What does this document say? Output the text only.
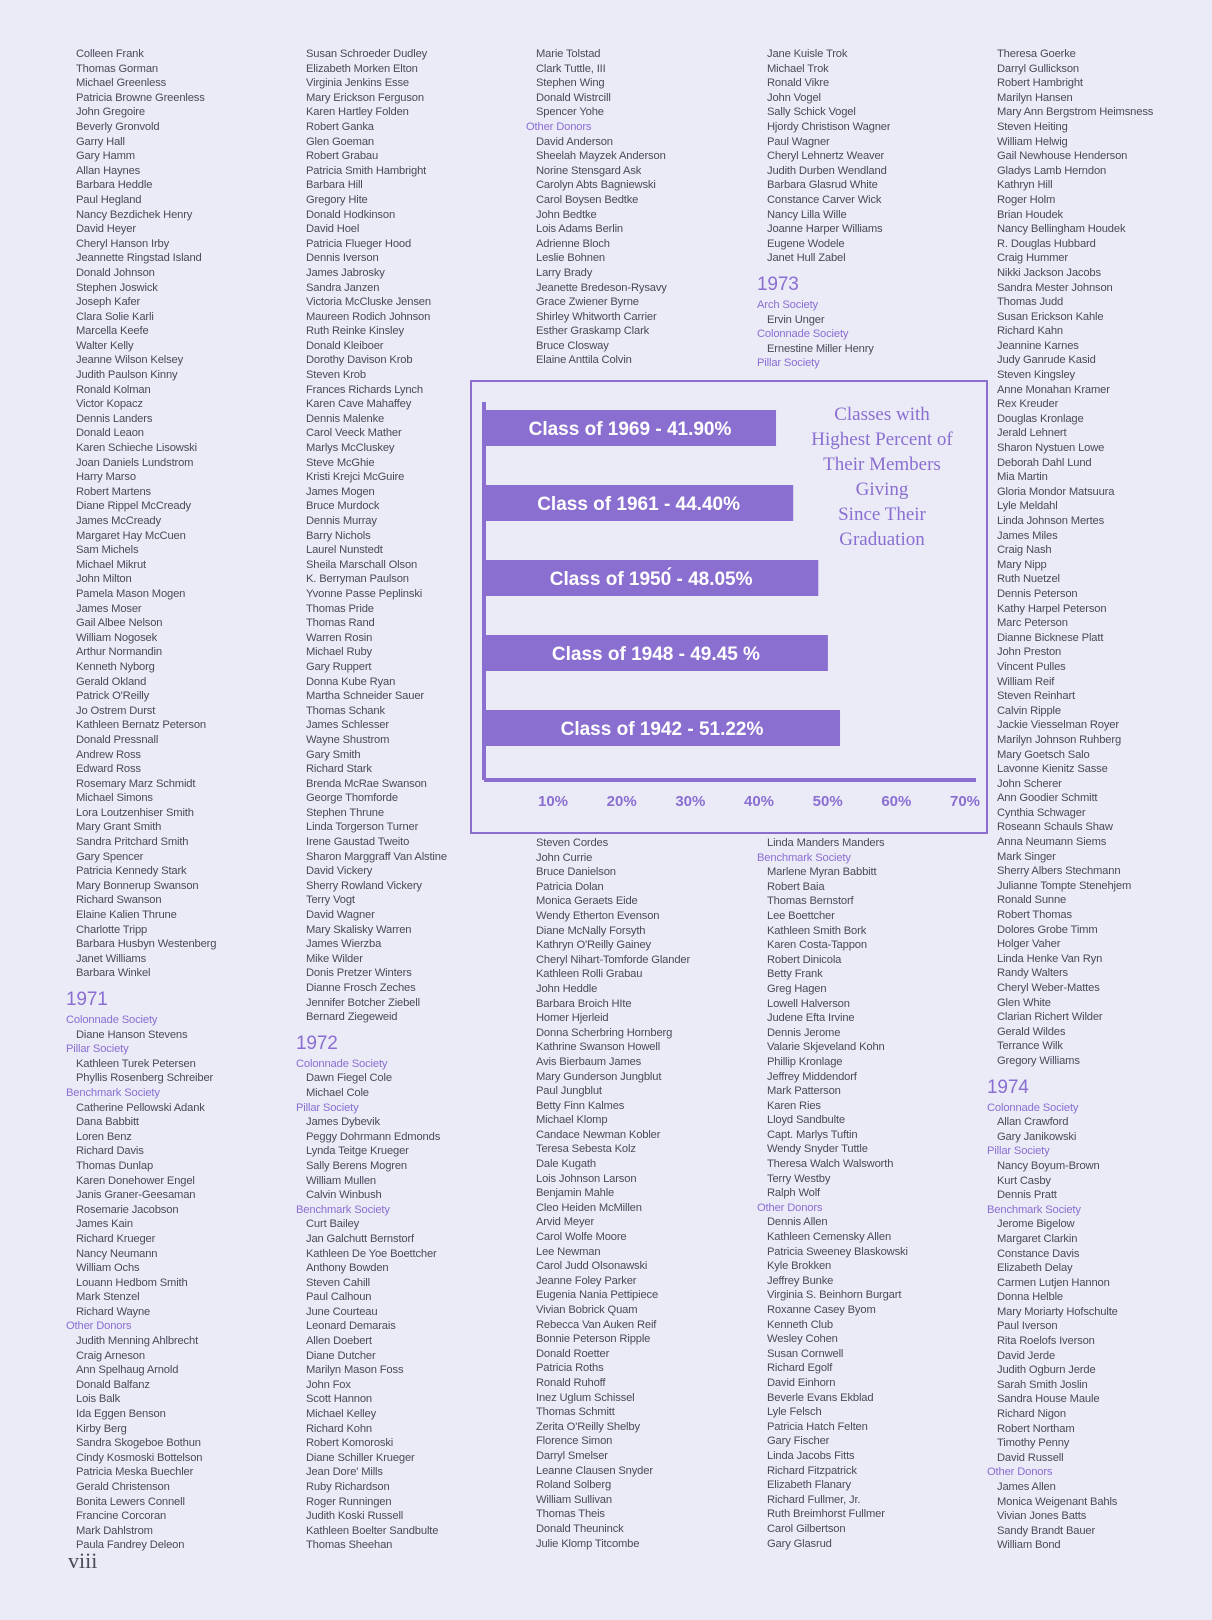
Colleen Frank
Thomas Gorman
Michael Greenless
Patricia Browne Greenless
John Gregoire
Beverly Gronvold
Garry Hall
Gary Hamm
Allan Haynes
Barbara Heddle
Paul Hegland
Nancy Bezdichek Henry
David Heyer
Cheryl Hanson Irby
Jeannette Ringstad Island
Donald Johnson
Stephen Joswick
Joseph Kafer
Clara Solie Karli
Marcella Keefe
Walter Kelly
Jeanne Wilson Kelsey
Judith Paulson Kinny
Ronald Kolman
Victor Kopacz
Dennis Landers
Donald Leaon
Karen Schieche Lisowski
Joan Daniels Lundstrom
Harry Marso
Robert Martens
Diane Rippel McCready
James McCready
Margaret Hay McCuen
Sam Michels
Michael Mikrut
John Milton
Pamela Mason Mogen
James Moser
Gail Albee Nelson
William Nogosek
Arthur Normandin
Kenneth Nyborg
Gerald Okland
Patrick O'Reilly
Jo Ostrem Durst
Kathleen Bernatz Peterson
Donald Pressnall
Andrew Ross
Edward Ross
Rosemary Marz Schmidt
Michael Simons
Lora Loutzenhiser Smith
Mary Grant Smith
Sandra Pritchard Smith
Gary Spencer
Patricia Kennedy Stark
Mary Bonnerup Swanson
Richard Swanson
Elaine Kalien Thrune
Charlotte Tripp
Barbara Husbyn Westenberg
Janet Williams
Barbara Winkel
1971
Colonnade Society
Diane Hanson Stevens
Pillar Society
Kathleen Turek Petersen
Phyllis Rosenberg Schreiber
Benchmark Society
Catherine Pellowski Adank
Dana Babbitt
Loren Benz
Richard Davis
Thomas Dunlap
Karen Donehower Engel
Janis Graner-Geesaman
Rosemarie Jacobson
James Kain
Richard Krueger
Nancy Neumann
William Ochs
Louann Hedbom Smith
Mark Stenzel
Richard Wayne
Other Donors
Judith Menning Ahlbrecht
Craig Arneson
Ann Spelhaug Arnold
Donald Balfanz
Lois Balk
Ida Eggen Benson
Kirby Berg
Sandra Skogeboe Bothun
Cindy Kosmoski Bottelson
Patricia Meska Buechler
Gerald Christenson
Bonita Lewers Connell
Francine Corcoran
Mark Dahlstrom
Paula Fandrey Deleon
Susan Schroeder Dudley
Elizabeth Morken Elton
Virginia Jenkins Esse
Mary Erickson Ferguson
Karen Hartley Folden
Robert Ganka
Glen Goeman
Robert Grabau
Patricia Smith Hambright
Barbara Hill
Gregory Hite
Donald Hodkinson
David Hoel
Patricia Flueger Hood
Dennis Iverson
James Jabrosky
Sandra Janzen
Victoria McCluske Jensen
Maureen Rodich Johnson
Ruth Reinke Kinsley
Donald Kleiboer
Dorothy Davison Krob
Steven Krob
Frances Richards Lynch
Karen Cave Mahaffey
Dennis Malenke
Carol Veeck Mather
Marlys McCluskey
Steve McGhie
Kristi Krejci McGuire
James Mogen
Bruce Murdock
Dennis Murray
Barry Nichols
Laurel Nunstedt
Sheila Marschall Olson
K. Berryman Paulson
Yvonne Passe Peplinski
Thomas Pride
Thomas Rand
Warren Rosin
Michael Ruby
Gary Ruppert
Donna Kube Ryan
Martha Schneider Sauer
Thomas Schank
James Schlesser
Wayne Shustrom
Gary Smith
Richard Stark
Brenda McRae Swanson
George Thomforde
Stephen Thrune
Linda Torgerson Turner
Irene Gaustad Tweito
Sharon Marggraff Van Alstine
David Vickery
Sherry Rowland Vickery
Terry Vogt
David Wagner
Mary Skalisky Warren
James Wierzba
Mike Wilder
Donis Pretzer Winters
Dianne Frosch Zeches
Jennifer Botcher Ziebell
Bernard Ziegeweid
1972
Colonnade Society
Dawn Fiegel Cole
Michael Cole
Pillar Society
James Dybevik
Peggy Dohrmann Edmonds
Lynda Teitge Krueger
Sally Berens Mogren
William Mullen
Calvin Winbush
Benchmark Society
Curt Bailey
Jan Galchutt Bernstorf
Kathleen De Yoe Boettcher
Anthony Bowden
Steven Cahill
Paul Calhoun
June Courteau
Leonard Demarais
Allen Doebert
Diane Dutcher
Marilyn Mason Foss
John Fox
Scott Hannon
Michael Kelley
Richard Kohn
Robert Komoroski
Diane Schiller Krueger
Jean Dore' Mills
Ruby Richardson
Roger Runningen
Judith Koski Russell
Kathleen Boelter Sandbulte
Thomas Sheehan
Marie Tolstad
Clark Tuttle, III
Stephen Wing
Donald Wistrcill
Spencer Yohe
Other Donors
David Anderson
Sheelah Mayzek Anderson
Norine Stensgard Ask
Carolyn Abts Bagniewski
Carol Boysen Bedtke
John Bedtke
Lois Adams Berlin
Adrienne Bloch
Leslie Bohnen
Larry Brady
Jeanette Bredeson-Rysavy
Grace Zwiener Byrne
Shirley Whitworth Carrier
Esther Graskamp Clark
Bruce Closway
Elaine Anttila Colvin
Steven Cordes
John Currie
Bruce Danielson
Patricia Dolan
Monica Geraets Eide
Wendy Etherton Evenson
Diane McNally Forsyth
Kathryn O'Reilly Gainey
Cheryl Nihart-Tomforde Glander
Kathleen Rolli Grabau
John Heddle
Barbara Broich HIte
Homer Hjerleid
Donna Scherbring Hornberg
Kathrine Swanson Howell
Avis Bierbaum James
Mary Gunderson Jungblut
Paul Jungblut
Betty Finn Kalmes
Michael Klomp
Candace Newman Kobler
Teresa Sebesta Kolz
Dale Kugath
Lois Johnson Larson
Benjamin Mahle
Cleo Heiden McMillen
Arvid Meyer
Carol Wolfe Moore
Lee Newman
Carol Judd Olsonawski
Jeanne Foley Parker
Eugenia Nania Pettipiece
Vivian Bobrick Quam
Rebecca Van Auken Reif
Bonnie Peterson Ripple
Donald Roetter
Patricia Roths
Ronald Ruhoff
Inez Uglum Schissel
Thomas Schmitt
Zerita O'Reilly Shelby
Florence Simon
Darryl Smelser
Leanne Clausen Snyder
Roland Solberg
William Sullivan
Thomas Theis
Donald Theuninck
Julie Klomp Titcombe
Jane Kuisle Trok
Michael Trok
Ronald Vikre
John Vogel
Sally Schick Vogel
Hjordy Christison Wagner
Paul Wagner
Cheryl Lehnertz Weaver
Judith Durben Wendland
Barbara Glasrud White
Constance Carver Wick
Nancy Lilla Wille
Joanne Harper Williams
Eugene Wodele
Janet Hull Zabel
1973
Arch Society
Ervin Unger
Colonnade Society
Ernestine Miller Henry
Pillar Society
Linda Manders Manders
Benchmark Society
Marlene Myran Babbitt
Robert Baia
Thomas Bernstorf
Lee Boettcher
Kathleen Smith Bork
Karen Costa-Tappon
Robert Dinicola
Betty Frank
Greg Hagen
Lowell Halverson
Judene Efta Irvine
Dennis Jerome
Valarie Skjeveland Kohn
Phillip Kronlage
Jeffrey Middendorf
Mark Patterson
Karen Ries
Lloyd Sandbulte
Capt. Marlys Tuftin
Wendy Snyder Tuttle
Theresa Walch Walsworth
Terry Westby
Ralph Wolf
Other Donors
Dennis Allen
Kathleen Cemensky Allen
Patricia Sweeney Blaskowski
Kyle Brokken
Jeffrey Bunke
Virginia S. Beinhorn Burgart
Roxanne Casey Byom
Kenneth Club
Wesley Cohen
Susan Cornwell
Richard Egolf
David Einhorn
Beverle Evans Ekblad
Lyle Felsch
Patricia Hatch Felten
Gary Fischer
Linda Jacobs Fitts
Richard Fitzpatrick
Elizabeth Flanary
Richard Fullmer, Jr.
Ruth Breimhorst Fullmer
Carol Gilbertson
Gary Glasrud
Theresa Goerke
Darryl Gullickson
Robert Hambright
Marilyn Hansen
Mary Ann Bergstrom Heimsness
Steven Heiting
William Helwig
Gail Newhouse Henderson
Gladys Lamb Herndon
Kathryn Hill
Roger Holm
Brian Houdek
Nancy Bellingham Houdek
R. Douglas Hubbard
Craig Hummer
Nikki Jackson Jacobs
Sandra Mester Johnson
Thomas Judd
Susan Erickson Kahle
Richard Kahn
Jeannine Karnes
Judy Ganrude Kasid
Steven Kingsley
Anne Monahan Kramer
Rex Kreuder
Douglas Kronlage
Jerald Lehnert
Sharon Nystuen Lowe
Deborah Dahl Lund
Mia Martin
Gloria Mondor Matsuura
Lyle Meldahl
Linda Johnson Mertes
James Miles
Craig Nash
Mary Nipp
Ruth Nuetzel
Dennis Peterson
Kathy Harpel Peterson
Marc Peterson
Dianne Bicknese Platt
John Preston
Vincent Pulles
William Reif
Steven Reinhart
Calvin Ripple
Jackie Viesselman Royer
Marilyn Johnson Ruhberg
Mary Goetsch Salo
Lavonne Kienitz Sasse
John Scherer
Ann Goodier Schmitt
Cynthia Schwager
Roseann Schauls Shaw
Anna Neumann Siems
Mark Singer
Sherry Albers Stechmann
Julianne Tompte Stenehjem
Ronald Sunne
Robert Thomas
Dolores Grobe Timm
Holger Vaher
Linda Henke Van Ryn
Randy Walters
Cheryl Weber-Mattes
Glen White
Clarian Richert Wilder
Gerald Wildes
Terrance Wilk
Gregory Williams
1974
Colonnade Society
Allan Crawford
Gary Janikowski
Pillar Society
Nancy Boyum-Brown
Kurt Casby
Dennis Pratt
Benchmark Society
Jerome Bigelow
Margaret Clarkin
Constance Davis
Elizabeth Delay
Carmen Lutjen Hannon
Donna Helble
Mary Moriarty Hofschulte
Paul Iverson
Rita Roelofs Iverson
David Jerde
Judith Ogburn Jerde
Sarah Smith Joslin
Sandra House Maule
Richard Nigon
Robert Northam
Timothy Penny
David Russell
Other Donors
James Allen
Monica Weigenant Bahls
Vivian Jones Batts
Sandy Brandt Bauer
William Bond
Class of 1969 - 41.90%
Class of 1961 - 44.40%
Class of 1950́ - 48.05%
Class of 1948 - 49.45 %
Class of 1942 - 51.22%
10%	20%	30%	40%	50%	60%	70%
Classes with
Highest Percent of
Their Members
Giving
Since Their
Graduation
viii
